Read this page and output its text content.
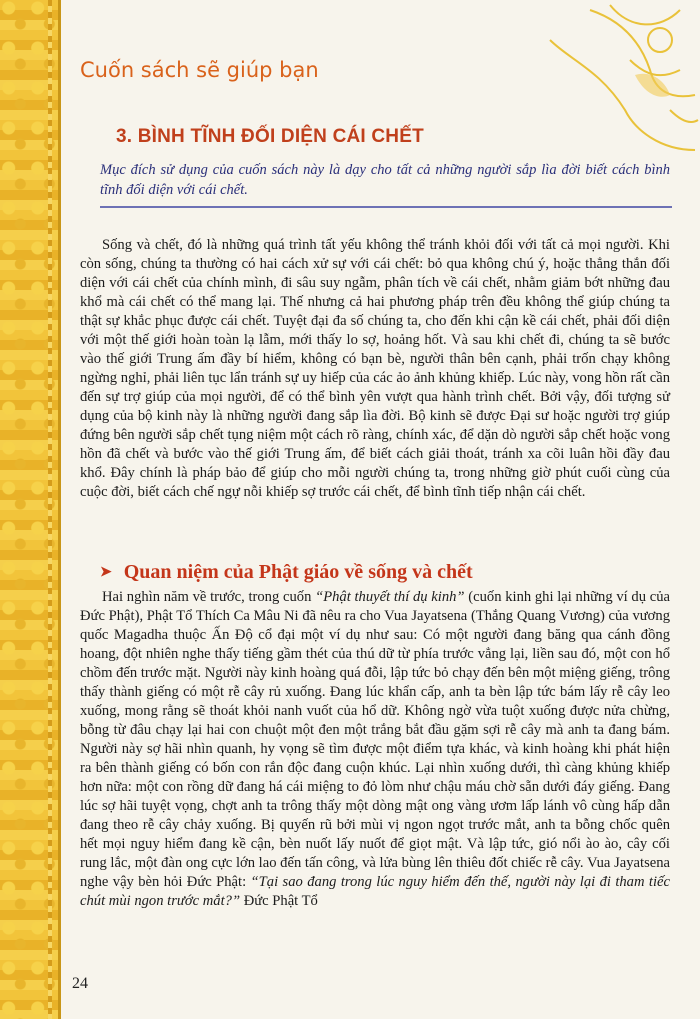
Cuốn sách sẽ giúp bạn
3. BÌNH TĨNH ĐỐI DIỆN CÁI CHẾT
Mục đích sử dụng của cuốn sách này là dạy cho tất cả những người sắp lìa đời biết cách bình tĩnh đối diện với cái chết.

Sống và chết, đó là những quá trình tất yếu không thể tránh khỏi đối với tất cả mọi người. Khi còn sống, chúng ta thường có hai cách xử sự với cái chết: bỏ qua không chú ý, hoặc thẳng thắn đối diện với cái chết của chính mình, đi sâu suy ngẫm, phân tích về cái chết, nhằm giảm bớt những đau khổ mà cái chết có thể mang lại. Thế nhưng cả hai phương pháp trên đều không thể giúp chúng ta thật sự khắc phục được cái chết. Tuyệt đại đa số chúng ta, cho đến khi cận kề cái chết, phải đối diện với một thế giới hoàn toàn lạ lẫm, mới thấy lo sợ, hoảng hốt. Và sau khi chết đi, chúng ta sẽ bước vào thế giới Trung ấm đầy bí hiểm, không có bạn bè, người thân bên cạnh, phải trốn chạy không ngừng nghỉ, phải liên tục lẩn tránh sự uy hiếp của các ảo ảnh khủng khiếp. Lúc này, vong hồn rất cần đến sự trợ giúp của mọi người, để có thể bình yên vượt qua hành trình chết. Bởi vậy, đối tượng sử dụng của bộ kinh này là những người đang sắp lìa đời. Bộ kinh sẽ được Đại sư hoặc người trợ giúp đứng bên người sắp chết tụng niệm một cách rõ ràng, chính xác, để dặn dò người sắp chết hoặc vong hồn đã chết và bước vào thế giới Trung ấm, để biết cách giải thoát, tránh xa cõi luân hồi đầy đau khổ. Đây chính là pháp bảo để giúp cho mỗi người chúng ta, trong những giờ phút cuối cùng của cuộc đời, biết cách chế ngự nỗi khiếp sợ trước cái chết, để bình tĩnh tiếp nhận cái chết.

➤ Quan niệm của Phật giáo về sống và chết

Hai nghìn năm về trước, trong cuốn “Phật thuyết thí dụ kinh” (cuốn kinh ghi lại những ví dụ của Đức Phật), Phật Tổ Thích Ca Mâu Ni đã nêu ra cho Vua Jayatsena (Thắng Quang Vương) của vương quốc Magadha thuộc Ấn Độ cổ đại một ví dụ như sau: Có một người đang băng qua cánh đồng hoang, đột nhiên nghe thấy tiếng gầm thét của thú dữ từ phía trước vẳng lại, liền sau đó, một con hổ chồm đến trước mặt. Người này kinh hoàng quá đỗi, lập tức bỏ chạy đến bên một miệng giếng, trông thấy thành giếng có một rễ cây rủ xuống. Đang lúc khẩn cấp, anh ta bèn lập tức bám lấy rễ cây leo xuống, mong rằng sẽ thoát khỏi nanh vuốt của hổ dữ. Không ngờ vừa tuột xuống được nửa chừng, bỗng từ đâu chạy lại hai con chuột một đen một trắng bắt đầu gặm sợi rễ cây mà anh ta đang bám. Người này sợ hãi nhìn quanh, hy vọng sẽ tìm được một điểm tựa khác, và kinh hoàng khi phát hiện ra bên thành giếng có bốn con rắn độc đang cuộn khúc. Lại nhìn xuống dưới, thì càng khủng khiếp hơn nữa: một con rồng dữ đang há cái miệng to đỏ lòm như chậu máu chờ sẵn dưới đáy giếng. Đang lúc sợ hãi tuyệt vọng, chợt anh ta trông thấy một dòng mật ong vàng ươm lấp lánh vô cùng hấp dẫn đang theo rễ cây chảy xuống. Bị quyến rũ bởi mùi vị ngon ngọt trước mắt, anh ta bỗng chốc quên hết mọi nguy hiểm đang kề cận, bèn nuốt lấy nuốt để giọt mật. Và lập tức, gió nổi ào ào, cây cối rung lắc, một đàn ong cực lớn lao đến tấn công, và lửa bùng lên thiêu đốt chiếc rễ cây. Vua Jayatsena nghe vậy bèn hỏi Đức Phật: “Tại sao đang trong lúc nguy hiểm đến thế, người này lại đi tham tiếc chút mùi ngon trước mắt?” Đức Phật Tổ

24
